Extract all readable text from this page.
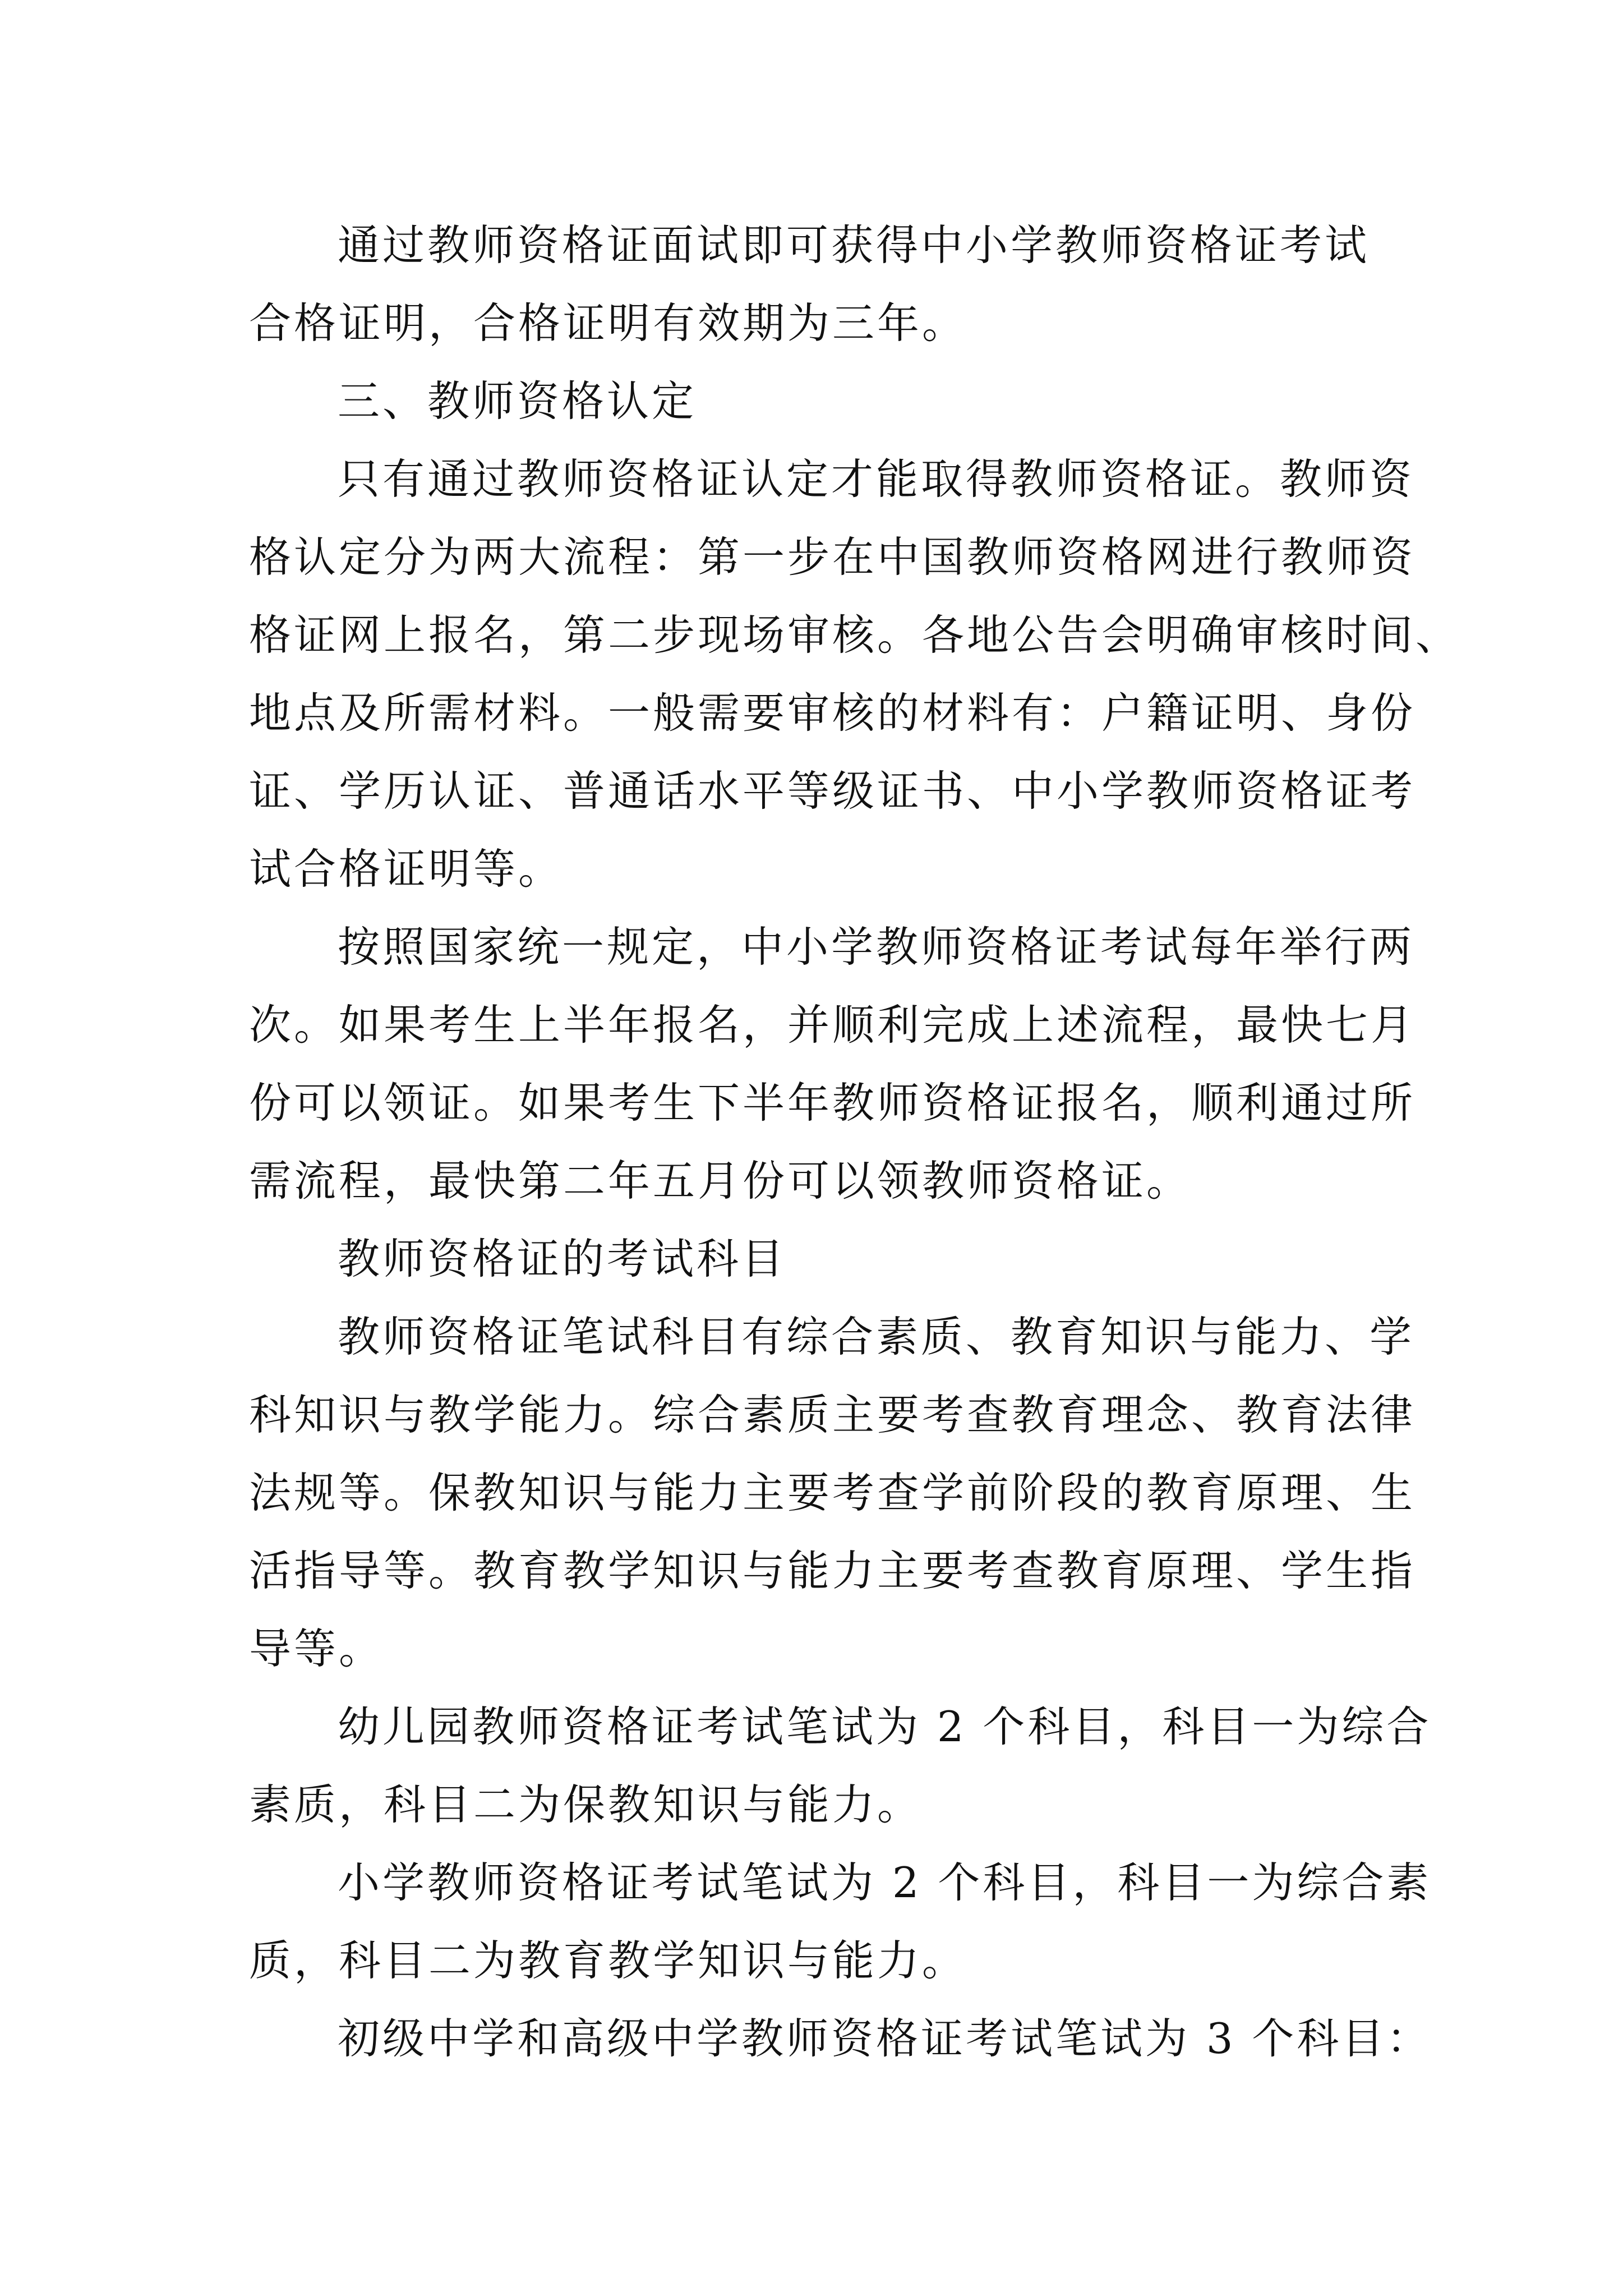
通过教师资格证面试即可获得中小学教师资格证考试
合格证明，合格证明有效期为三年。
三、教师资格认定
只有通过教师资格证认定才能取得教师资格证。教师资
格认定分为两大流程：第一步在中国教师资格网进行教师资
格证网上报名，第二步现场审核。各地公告会明确审核时间、
地点及所需材料。一般需要审核的材料有：户籍证明、身份
证、学历认证、普通话水平等级证书、中小学教师资格证考
试合格证明等。
按照国家统一规定，中小学教师资格证考试每年举行两
次。如果考生上半年报名，并顺利完成上述流程，最快七月
份可以领证。如果考生下半年教师资格证报名，顺利通过所
需流程，最快第二年五月份可以领教师资格证。
教师资格证的考试科目
教师资格证笔试科目有综合素质、教育知识与能力、学
科知识与教学能力。综合素质主要考查教育理念、教育法律
法规等。保教知识与能力主要考查学前阶段的教育原理、生
活指导等。教育教学知识与能力主要考查教育原理、学生指
导等。
幼儿园教师资格证考试笔试为 2 个科目，科目一为综合
素质，科目二为保教知识与能力。
小学教师资格证考试笔试为 2 个科目，科目一为综合素
质，科目二为教育教学知识与能力。
初级中学和高级中学教师资格证考试笔试为 3 个科目：
